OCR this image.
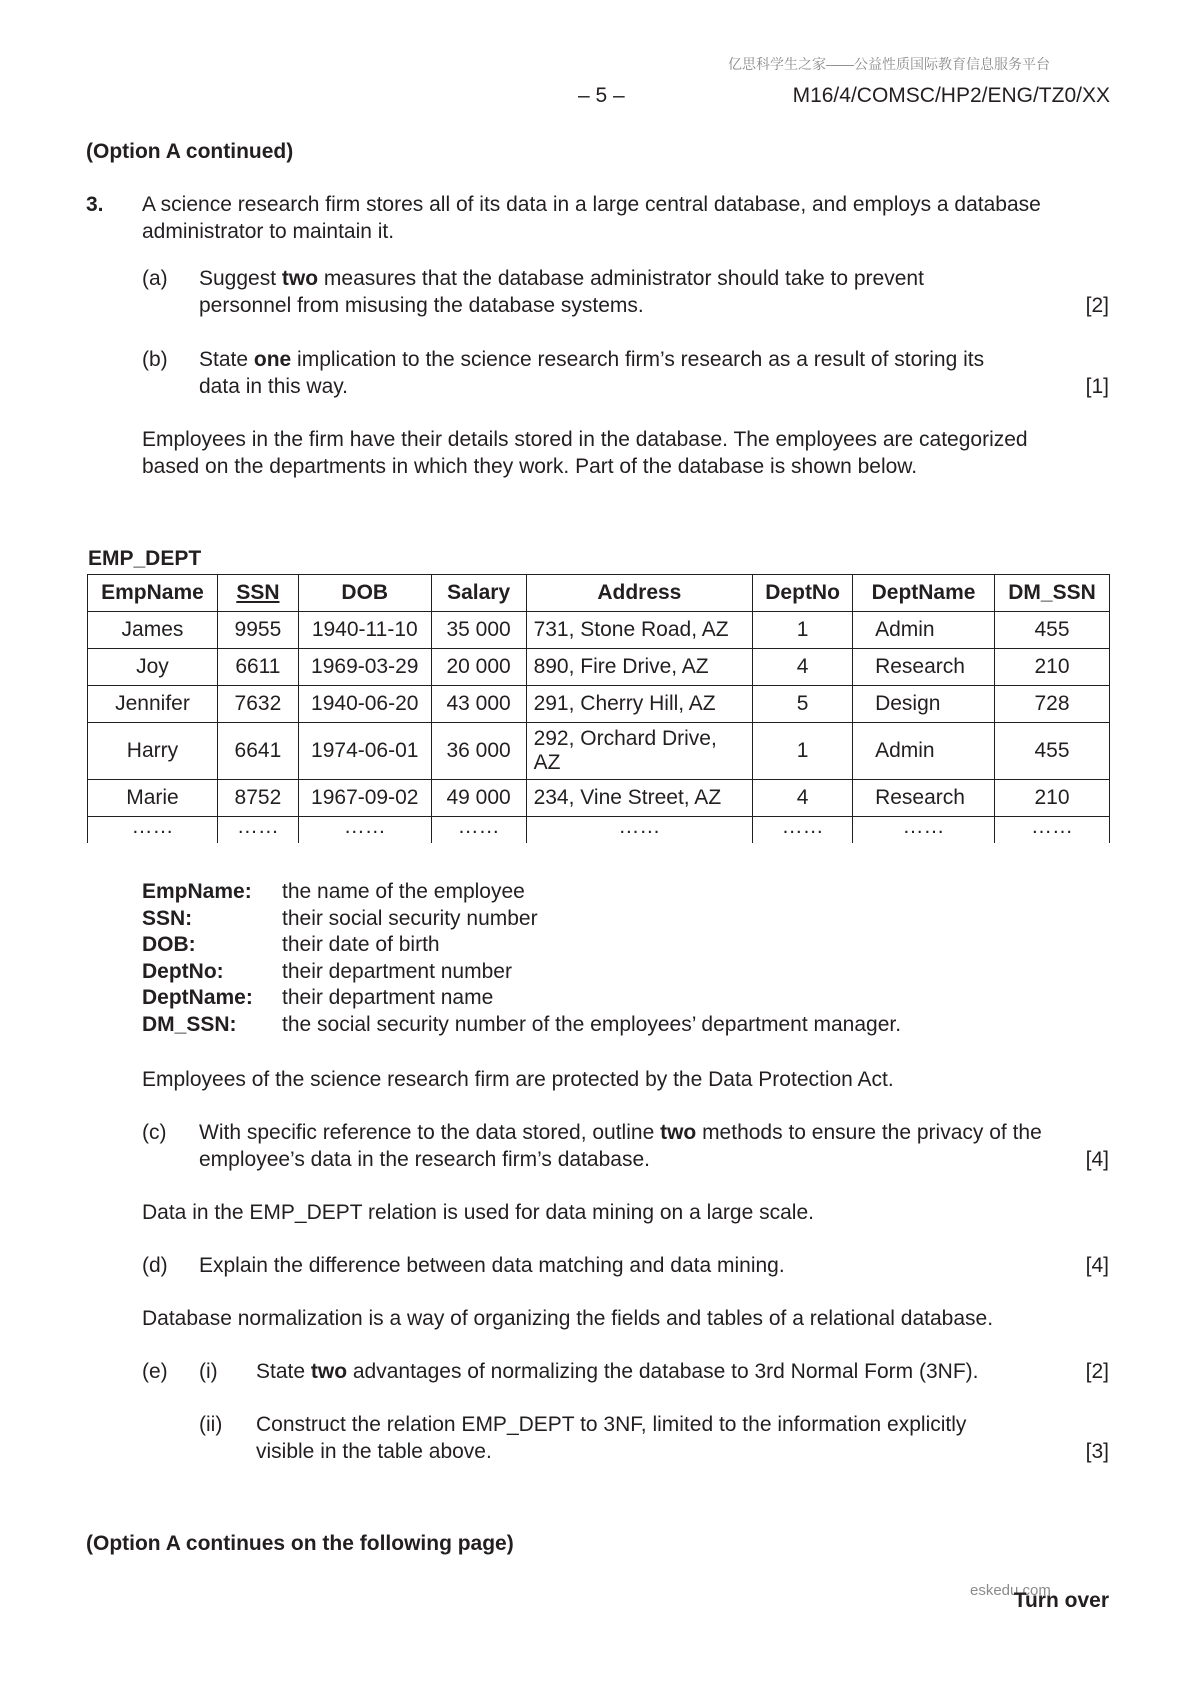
亿思科学生之家——公益性质国际教育信息服务平台
– 5 –	M16/4/COMSC/HP2/ENG/TZ0/XX
(Option A continued)
3. A science research firm stores all of its data in a large central database, and employs a database administrator to maintain it.
(a) Suggest two measures that the database administrator should take to prevent personnel from misusing the database systems.	[2]
(b) State one implication to the science research firm’s research as a result of storing its data in this way.	[1]
Employees in the firm have their details stored in the database. The employees are categorized based on the departments in which they work. Part of the database is shown below.
EMP_DEPT
EmpName	SSN	DOB	Salary	Address	DeptNo	DeptName	DM_SSN
James	9955	1940-11-10	35 000	731, Stone Road, AZ	1	Admin	455
Joy	6611	1969-03-29	20 000	890, Fire Drive, AZ	4	Research	210
Jennifer	7632	1940-06-20	43 000	291, Cherry Hill, AZ	5	Design	728
Harry	6641	1974-06-01	36 000	292, Orchard Drive, AZ	1	Admin	455
Marie	8752	1967-09-02	49 000	234, Vine Street, AZ	4	Research	210
……	……	……	……	……	……	……	……
EmpName:	the name of the employee
SSN:	their social security number
DOB:	their date of birth
DeptNo:	their department number
DeptName:	their department name
DM_SSN:	the social security number of the employees’ department manager.
Employees of the science research firm are protected by the Data Protection Act.
(c) With specific reference to the data stored, outline two methods to ensure the privacy of the employee’s data in the research firm’s database.	[4]
Data in the EMP_DEPT relation is used for data mining on a large scale.
(d) Explain the difference between data matching and data mining.	[4]
Database normalization is a way of organizing the fields and tables of a relational database.
(e) (i) State two advantages of normalizing the database to 3rd Normal Form (3NF).	[2]
(ii) Construct the relation EMP_DEPT to 3NF, limited to the information explicitly visible in the table above.	[3]
(Option A continues on the following page)
eskedu.com
Turn over
